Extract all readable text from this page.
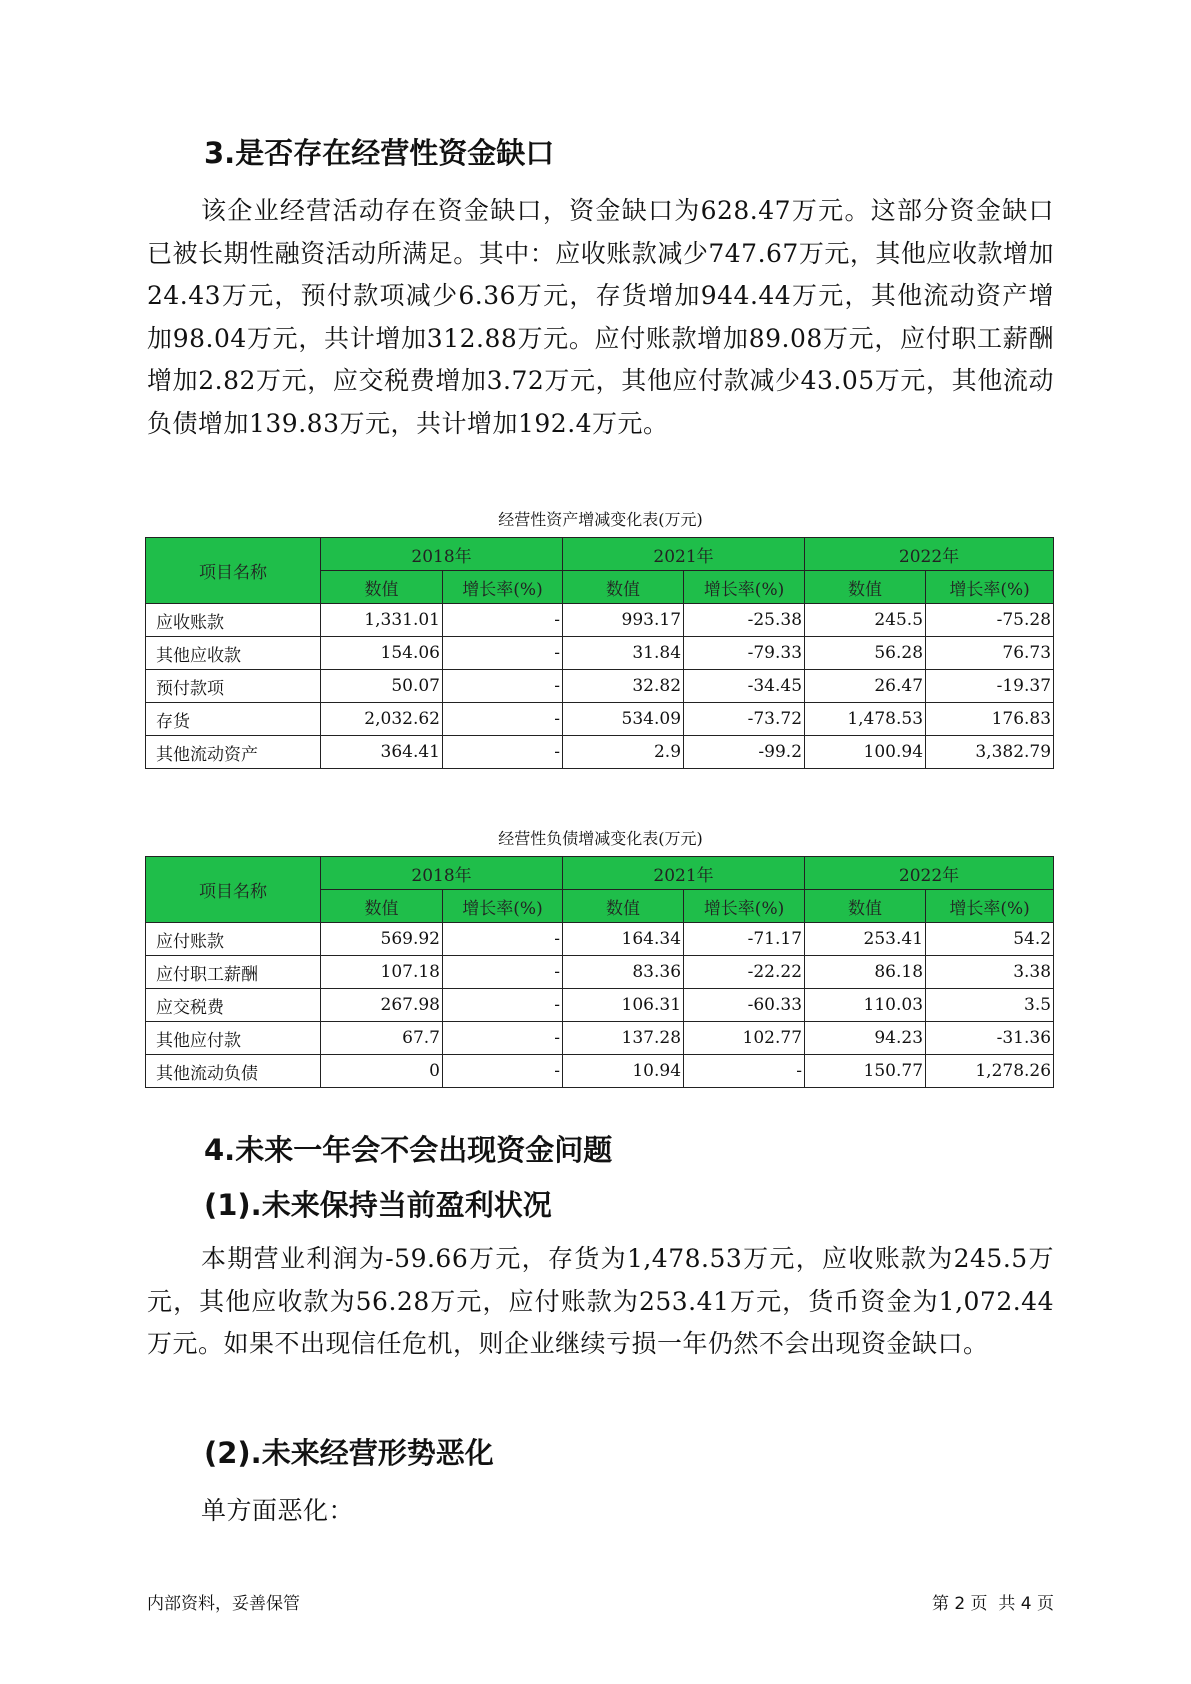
3.是否存在经营性资金缺口

该企业经营活动存在资金缺口，资金缺口为628.47万元。这部分资金缺口已被长期性融资活动所满足。其中：应收账款减少747.67万元，其他应收款增加24.43万元，预付款项减少6.36万元，存货增加944.44万元，其他流动资产增加98.04万元，共计增加312.88万元。应付账款增加89.08万元，应付职工薪酬增加2.82万元，应交税费增加3.72万元，其他应付款减少43.05万元，其他流动负债增加139.83万元，共计增加192.4万元。

经营性资产增减变化表(万元)

项目名称	2018年		2021年		2022年	
	数值	增长率(%)	数值	增长率(%)	数值	增长率(%)
应收账款	1,331.01	-	993.17	-25.38	245.5	-75.28
其他应收款	154.06	-	31.84	-79.33	56.28	76.73
预付款项	50.07	-	32.82	-34.45	26.47	-19.37
存货	2,032.62	-	534.09	-73.72	1,478.53	176.83
其他流动资产	364.41	-	2.9	-99.2	100.94	3,382.79

经营性负债增减变化表(万元)

项目名称	2018年		2021年		2022年	
	数值	增长率(%)	数值	增长率(%)	数值	增长率(%)
应付账款	569.92	-	164.34	-71.17	253.41	54.2
应付职工薪酬	107.18	-	83.36	-22.22	86.18	3.38
应交税费	267.98	-	106.31	-60.33	110.03	3.5
其他应付款	67.7	-	137.28	102.77	94.23	-31.36
其他流动负债	0	-	10.94	-	150.77	1,278.26
4.未来一年会不会出现资金问题
(1).未来保持当前盈利状况

本期营业利润为-59.66万元，存货为1,478.53万元，应收账款为245.5万元，其他应收款为56.28万元，应付账款为253.41万元，货币资金为1,072.44万元。如果不出现信任危机，则企业继续亏损一年仍然不会出现资金缺口。

(2).未来经营形势恶化

单方面恶化：

内部资料，妥善保管	第 2 页  共 4 页
